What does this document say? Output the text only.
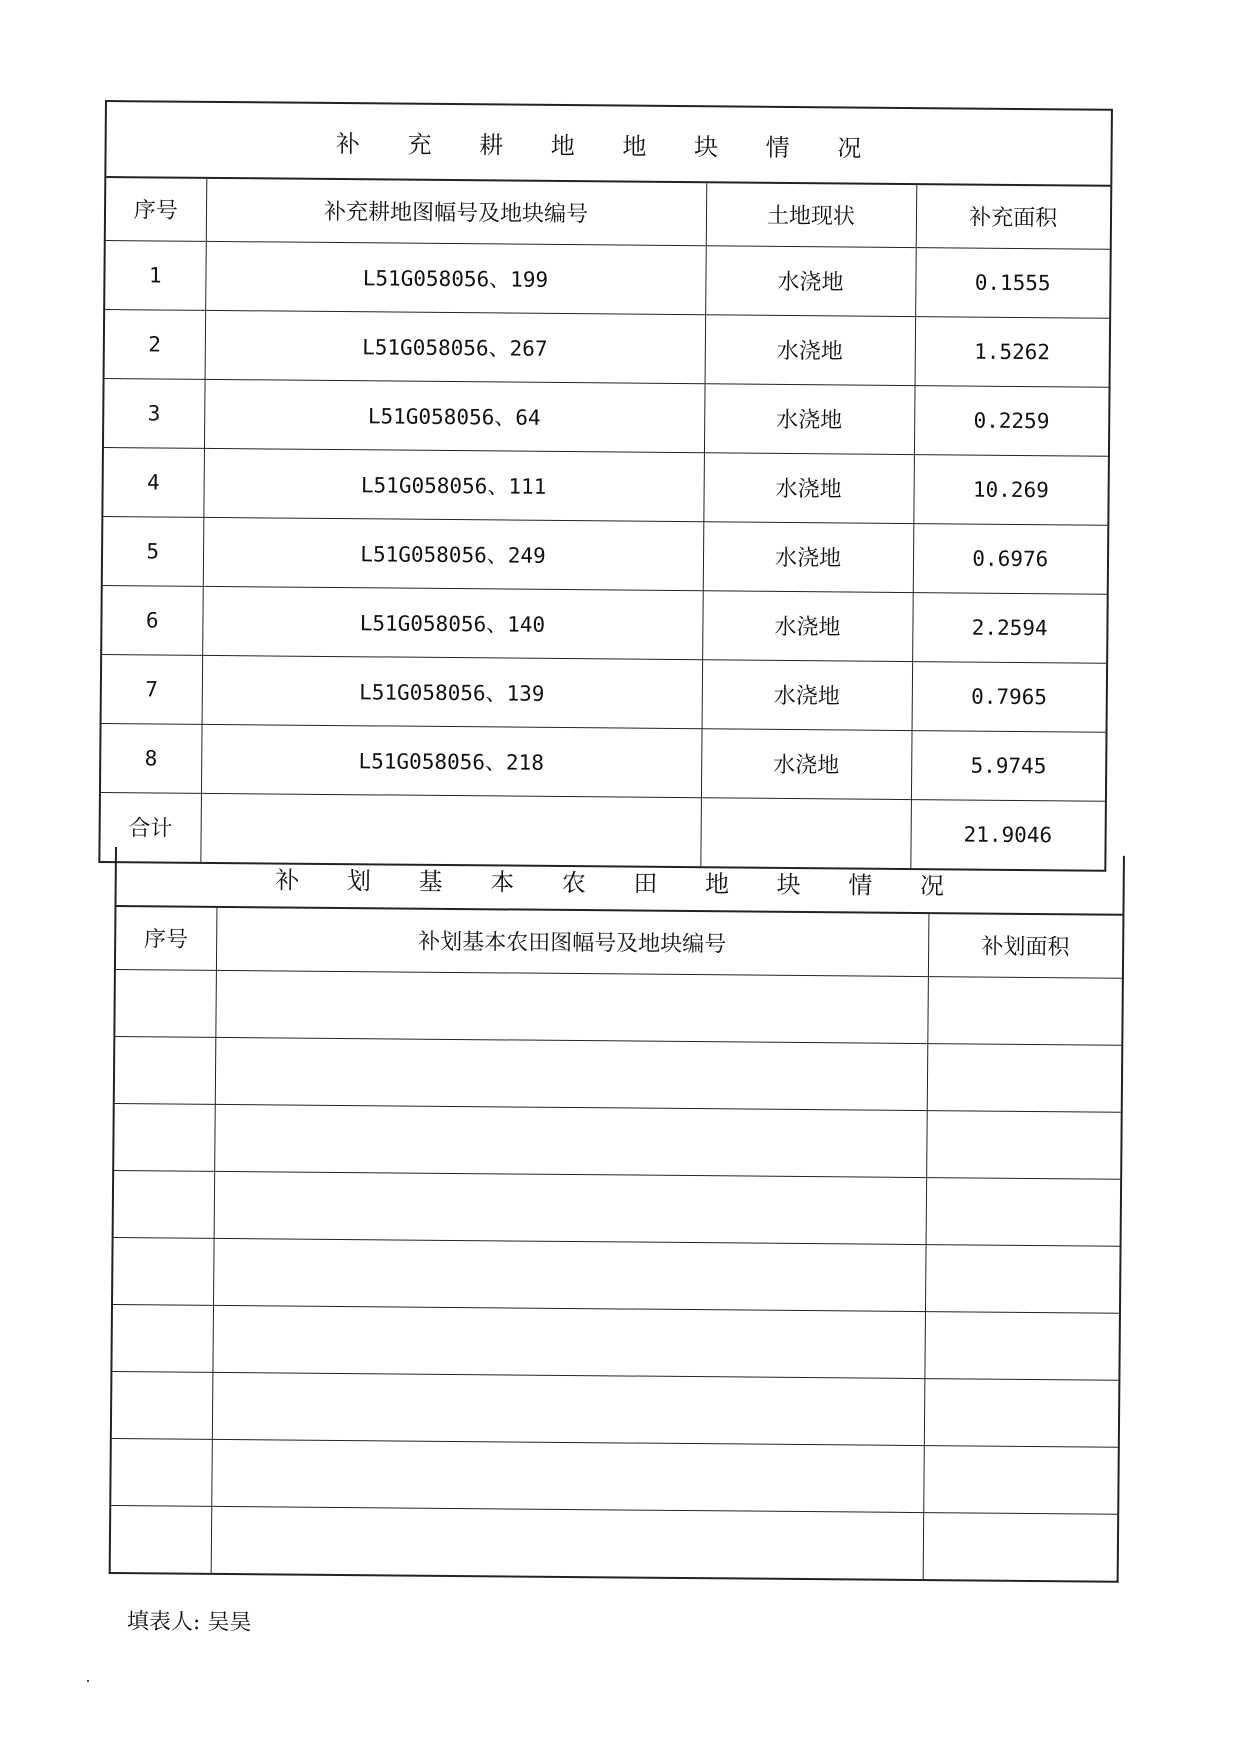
补 充 耕 地 地 块 情 况
序号	补充耕地图幅号及地块编号	土地现状	补充面积
1	L51G058056、199	水浇地	0.1555
2	L51G058056、267	水浇地	1.5262
3	L51G058056、64	水浇地	0.2259
4	L51G058056、111	水浇地	10.269
5	L51G058056、249	水浇地	0.6976
6	L51G058056、140	水浇地	2.2594
7	L51G058056、139	水浇地	0.7965
8	L51G058056、218	水浇地	5.9745
合计			21.9046
补 划 基 本 农 田 地 块 情 况
序号	补划基本农田图幅号及地块编号	补划面积

填表人: 吴昊
